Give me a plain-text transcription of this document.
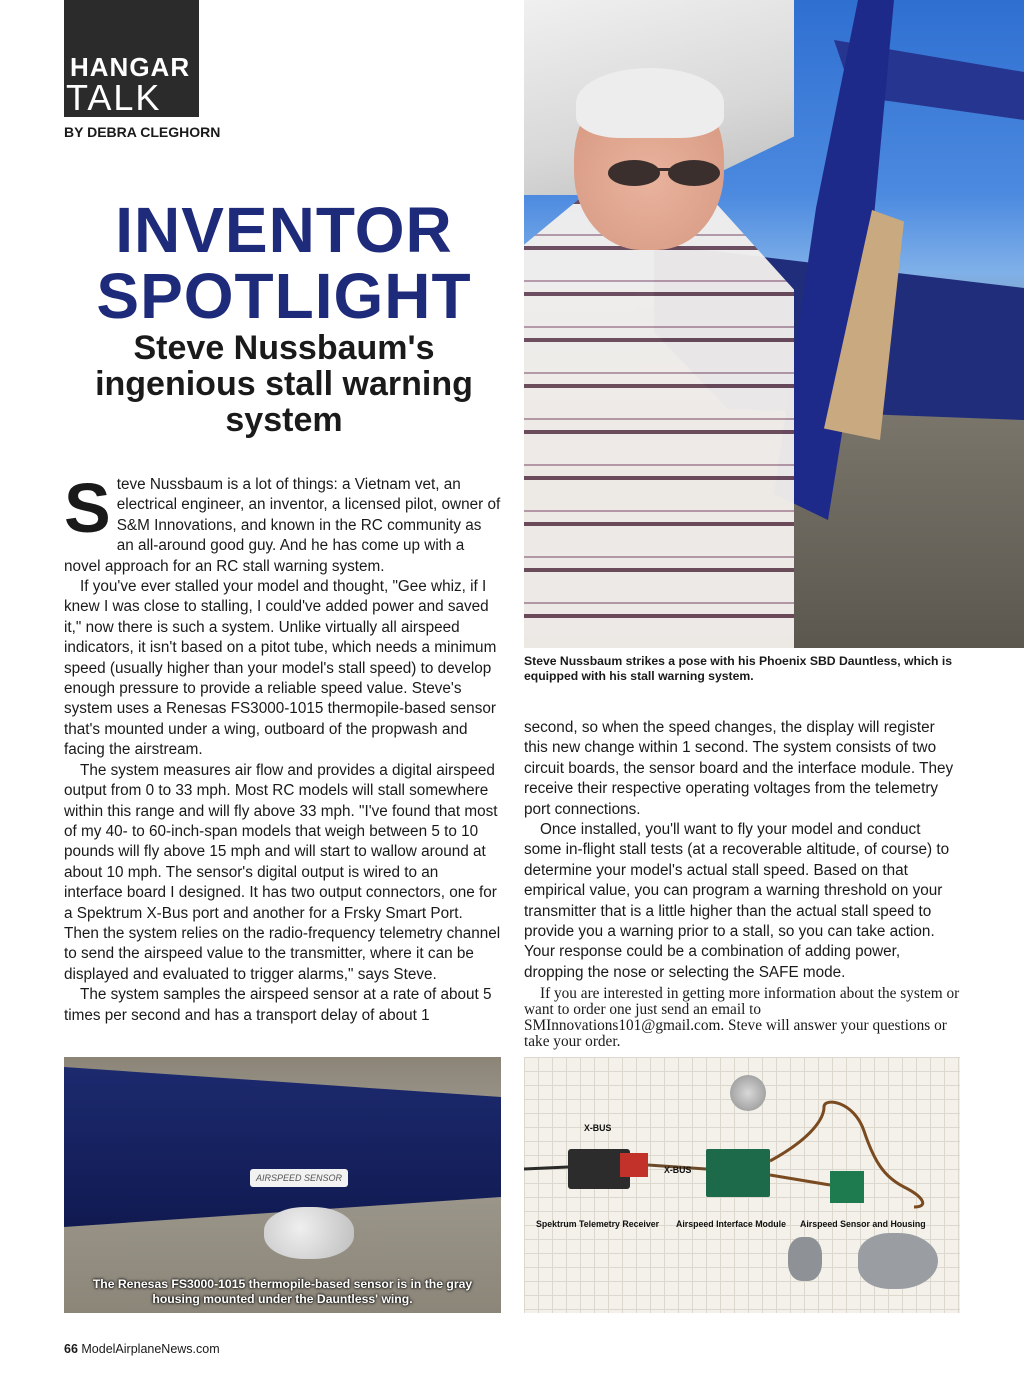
HANGAR
TALK
BY DEBRA CLEGHORN
INVENTOR
SPOTLIGHT
Steve Nussbaum's ingenious stall warning system

Steve Nussbaum is a lot of things: a Vietnam vet, an electrical engineer, an inventor, a licensed pilot, owner of S&M Innovations, and known in the RC community as an all-around good guy. And he has come up with a novel approach for an RC stall warning system.

If you've ever stalled your model and thought, "Gee whiz, if I knew I was close to stalling, I could've added power and saved it," now there is such a system. Unlike virtually all airspeed indicators, it isn't based on a pitot tube, which needs a minimum speed (usually higher than your model's stall speed) to develop enough pressure to provide a reliable speed value. Steve's system uses a Renesas FS3000-1015 thermopile-based sensor that's mounted under a wing, outboard of the propwash and facing the airstream.

The system measures air flow and provides a digital airspeed output from 0 to 33 mph. Most RC models will stall somewhere within this range and will fly above 33 mph. "I've found that most of my 40- to 60-inch-span models that weigh between 5 to 10 pounds will fly above 15 mph and will start to wallow around at about 10 mph. The sensor's digital output is wired to an interface board I designed. It has two output connectors, one for a Spektrum X-Bus port and another for a Frsky Smart Port. Then the system relies on the radio-frequency telemetry channel to send the airspeed value to the transmitter, where it can be displayed and evaluated to trigger alarms," says Steve.

The system samples the airspeed sensor at a rate of about 5 times per second and has a transport delay of about 1

Steve Nussbaum strikes a pose with his Phoenix SBD Dauntless, which is equipped with his stall warning system.

second, so when the speed changes, the display will register this new change within 1 second. The system consists of two circuit boards, the sensor board and the interface module. They receive their respective operating voltages from the telemetry port connections.

Once installed, you'll want to fly your model and conduct some in-flight stall tests (at a recoverable altitude, of course) to determine your model's actual stall speed. Based on that empirical value, you can program a warning threshold on your transmitter that is a little higher than the actual stall speed to provide you a warning prior to a stall, so you can take action. Your response could be a combination of adding power, dropping the nose or selecting the SAFE mode.

If you are interested in getting more information about the system or want to order one just send an email to SMInnovations101@gmail.com. Steve will answer your questions or take your order.

AIRSPEED SENSOR
The Renesas FS3000-1015 thermopile-based sensor is in the gray housing mounted under the Dauntless' wing.
X-BUS
X-BUS
Spektrum Telemetry Receiver Airspeed Interface Module Airspeed Sensor and Housing
66 ModelAirplaneNews.com
